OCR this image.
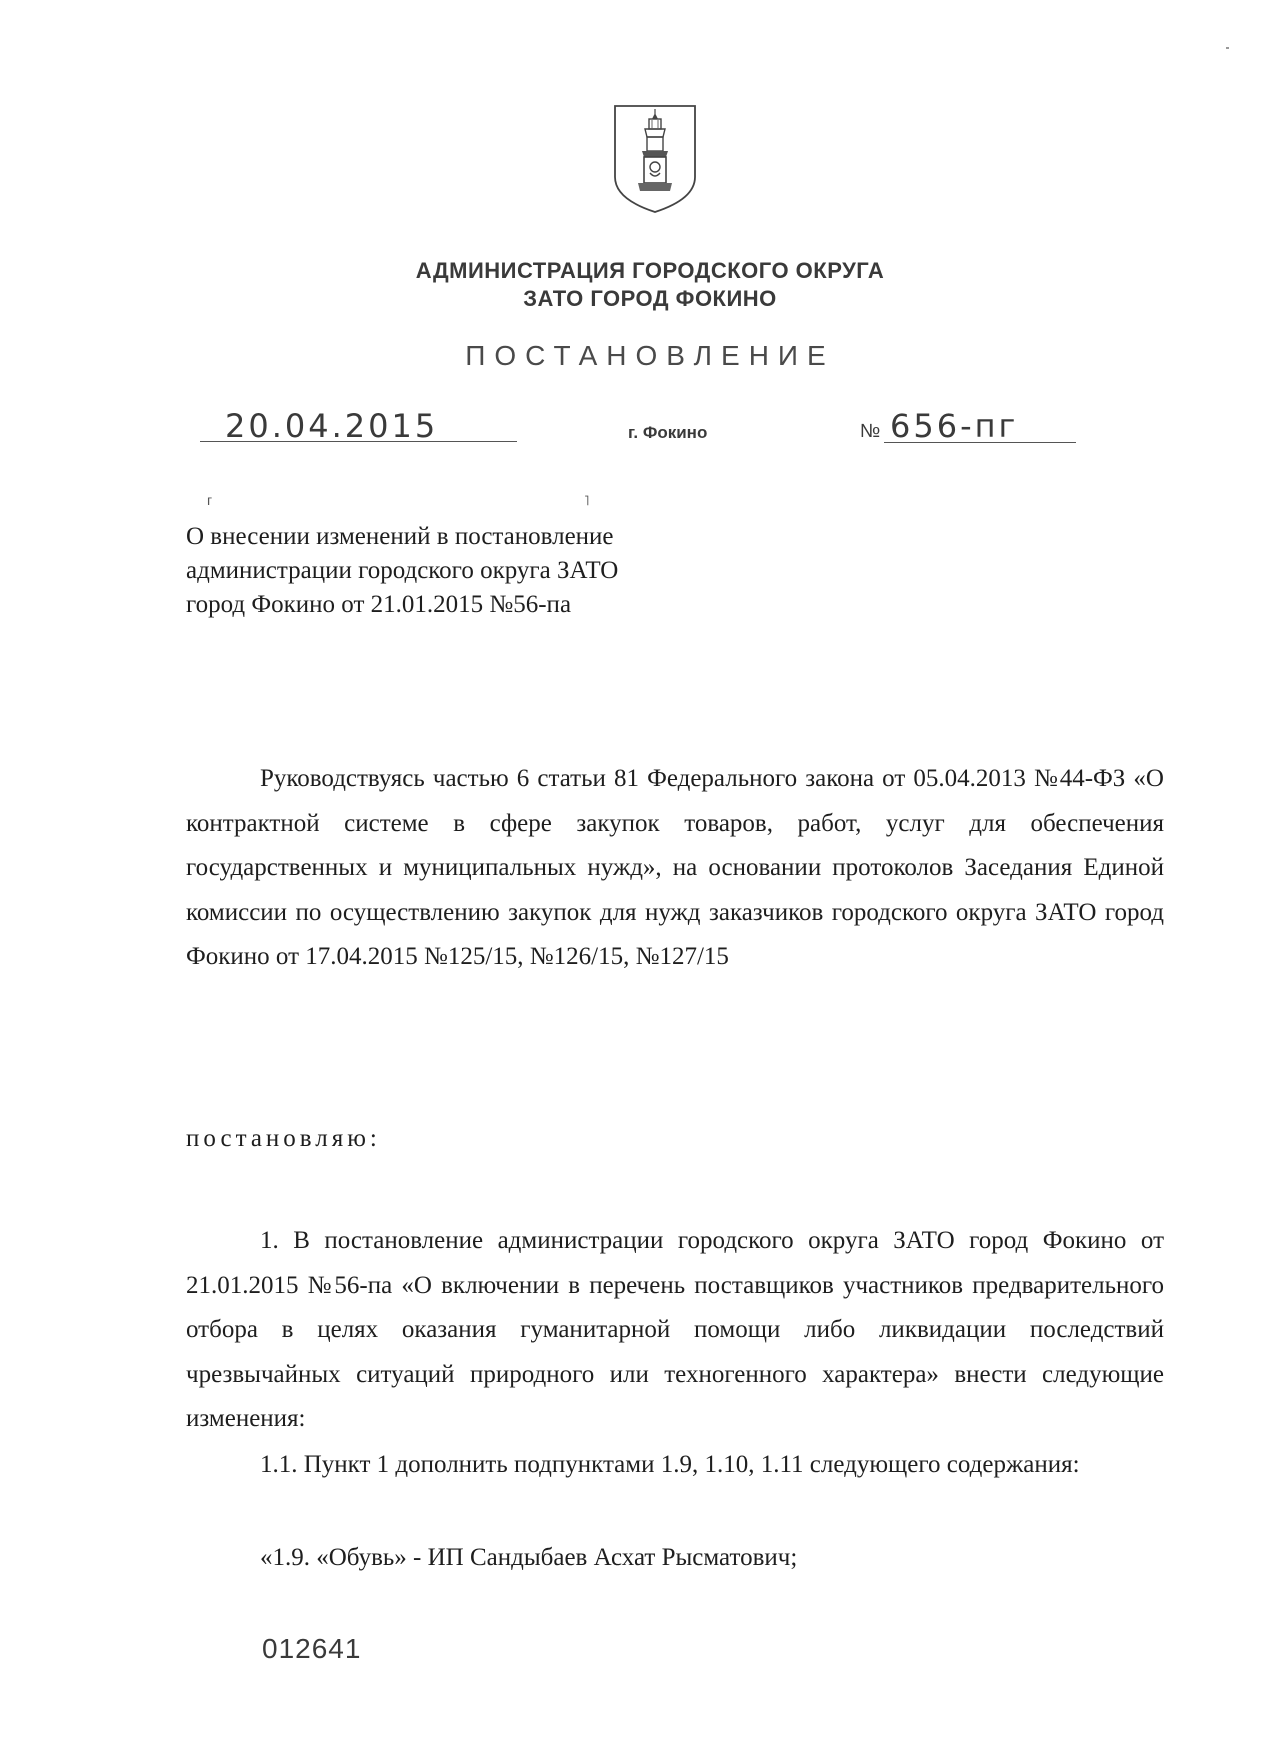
АДМИНИСТРАЦИЯ ГОРОДСКОГО ОКРУГА
ЗАТО ГОРОД ФОКИНО
ПОСТАНОВЛЕНИЕ
20.04.2015	г. Фокино	№ 656-пг
г	˥
О внесении изменений в постановление
администрации городского округа ЗАТО
город Фокино от 21.01.2015 №56-па
Руководствуясь частью 6 статьи 81 Федерального закона от 05.04.2013 №44-ФЗ «О контрактной системе в сфере закупок товаров, работ, услуг для обеспечения государственных и муниципальных нужд», на основании протоколов Заседания Единой комиссии по осуществлению закупок для нужд заказчиков городского округа ЗАТО город Фокино от 17.04.2015 №125/15, №126/15, №127/15
постановляю:
1. В постановление администрации городского округа ЗАТО город Фокино от 21.01.2015 №56-па «О включении в перечень поставщиков участников предварительного отбора в целях оказания гуманитарной помощи либо ликвидации последствий чрезвычайных ситуаций природного или техногенного характера» внести следующие изменения:
1.1. Пункт 1 дополнить подпунктами 1.9, 1.10, 1.11 следующего содержания:
«1.9. «Обувь» - ИП Сандыбаев Асхат Рысматович;
012641
